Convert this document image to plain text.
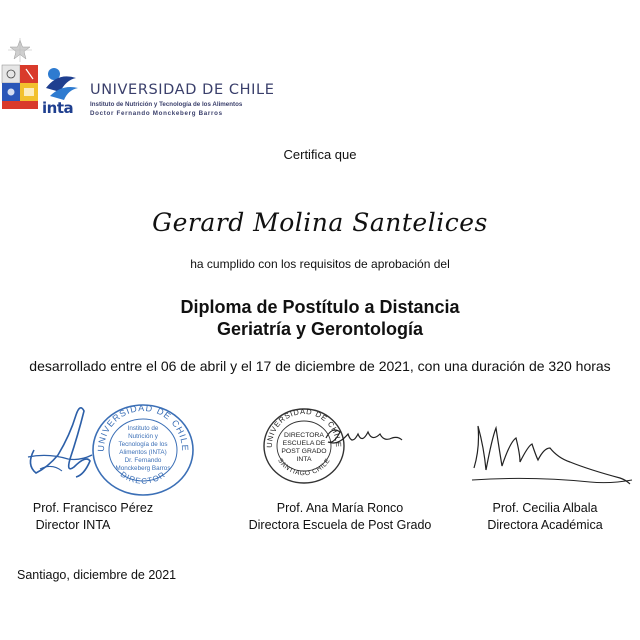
inta
UNIVERSIDAD DE CHILE
Instituto de Nutrición y Tecnología de los Alimentos
Doctor Fernando Monckeberg Barros
Certifica que
Gerard Molina Santelices
ha cumplido con los requisitos de aprobación del
Diploma de Postítulo a Distancia
Geriatría y Gerontología
desarrollado entre el 06 de abril y el 17 de diciembre de 2021, con una duración de 320 horas
UNIVERSIDAD DE CHILE
DIRECTOR
Instituto de
Nutrición y
Tecnología de los
Alimentos (INTA)
Dr. Fernando
Monckeberg Barros
UNIVERSIDAD DE CHILE
SANTIAGO CHILE
DIRECTORA
ESCUELA DE
POST GRADO
INTA
Prof. Francisco Pérez
Director INTA
Prof. Ana María Ronco
Directora Escuela de Post Grado
Prof. Cecilia Albala
Directora Académica
Santiago, diciembre de 2021
